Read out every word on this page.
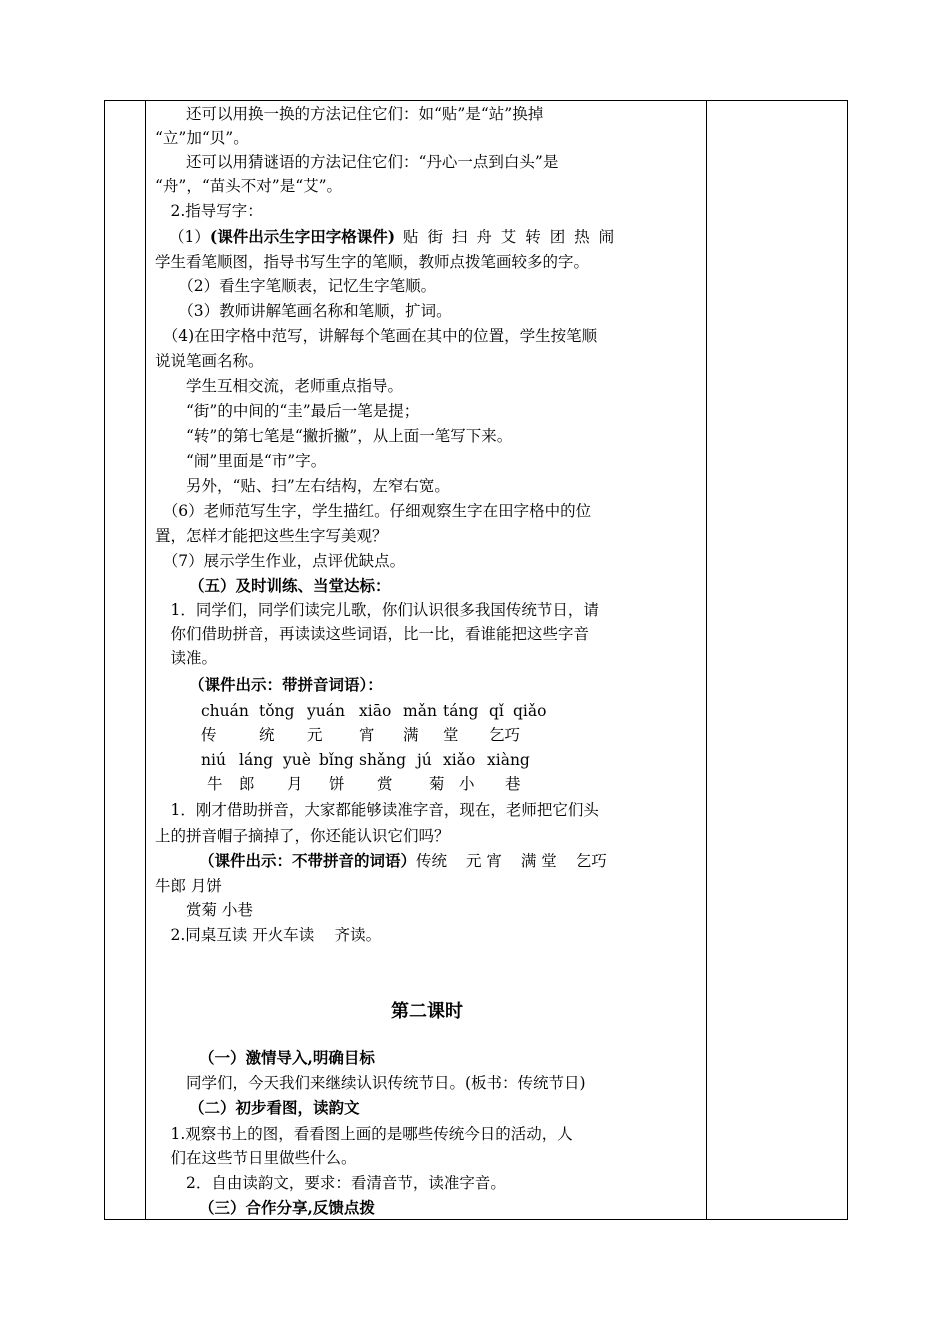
　　还可以用换一换的方法记住它们：如“贴”是“站”换掉
“立”加“贝”。
　　还可以用猜谜语的方法记住它们：“丹心一点到白头”是
“舟”，“苗头不对”是“艾”。
　2.指导写字：
（1）(课件出示生字田字格课件) 贴 街 扫 舟 艾 转 团 热 闹
学生看笔顺图，指导书写生字的笔顺，教师点拨笔画较多的字。
　　（2）看生字笔顺表，记忆生字笔顺。
　　（3）教师讲解笔画名称和笔顺，扩词。
　（4)在田字格中范写，讲解每个笔画在其中的位置，学生按笔顺
说说笔画名称。
　　学生互相交流，老师重点指导。
　　“街”的中间的“圭”最后一笔是提；
　　“转”的第七笔是“撇折撇”，从上面一笔写下来。
　　“闹”里面是“市”字。
　　另外，“贴、扫”左右结构，左窄右宽。
　（6）老师范写生字，学生描红。仔细观察生字在田字格中的位
置，怎样才能把这些生字写美观？
　（7）展示学生作业，点评优缺点。
（五）及时训练、当堂达标：
　1．同学们，同学们读完儿歌，你们认识很多我国传统节日，请
　你们借助拼音，再读读这些词语，比一比，看谁能把这些字音
　读准。
（课件出示：带拼音词语）：
chuán tǒng yuán xiāo mǎn táng qǐ qiǎo
传	统 元 宵 满 堂 乞巧
niú láng yuè bǐng shǎng jú xiǎo xiàng
牛 郎 月 饼 赏 菊 小 巷
　1．刚才借助拼音，大家都能够读准字音，现在，老师把它们头
上的拼音帽子摘掉了，你还能认识它们吗？
（课件出示：不带拼音的词语）传统 元 宵 满 堂 乞巧
牛郎 月饼
　　赏菊 小巷
　2.同桌互读 开火车读　 齐读。
第二课时
（一）激情导入,明确目标
　　同学们，今天我们来继续认识传统节日。(板书：传统节日)
（二）初步看图，读韵文
　1.观察书上的图，看看图上画的是哪些传统今日的活动，人
　们在这些节日里做些什么。
　　2．自由读韵文，要求：看清音节，读准字音。
（三）合作分享,反馈点拨
